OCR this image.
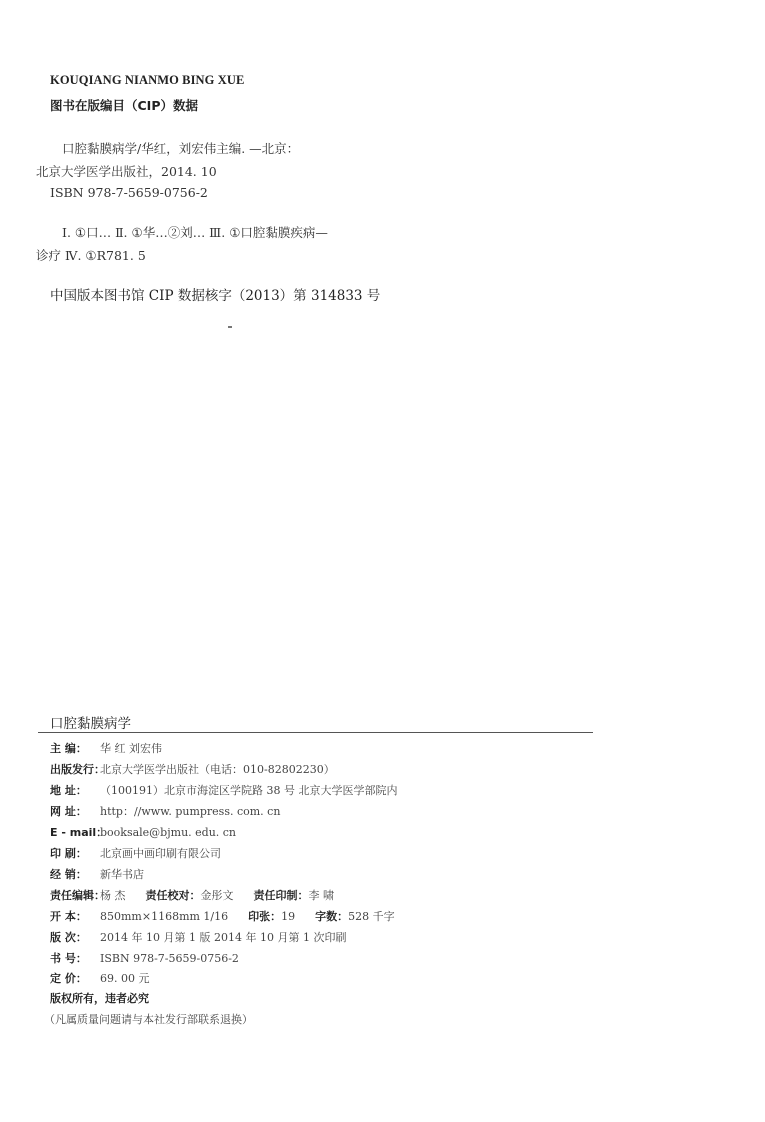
KOUQIANG NIANMO BING XUE
图书在版编目（CIP）数据
口腔黏膜病学/华红，刘宏伟主编. —北京：
北京大学医学出版社，2014. 10
ISBN 978-7-5659-0756-2
Ⅰ. ①口… Ⅱ. ①华…②刘… Ⅲ. ①口腔黏膜疾病—
诊疗 Ⅳ. ①R781. 5
中国版本图书馆 CIP 数据核字（2013）第 314833 号
口腔黏膜病学
主 编： 华 红 刘宏伟
出版发行：北京大学医学出版社（电话：010-82802230）
地 址： （100191）北京市海淀区学院路 38 号 北京大学医学部院内
网 址： http：//www. pumpress. com. cn
E - mail：booksale@bjmu. edu. cn
印 刷： 北京画中画印刷有限公司
经 销： 新华书店
责任编辑：杨 杰 责任校对：金彤文 责任印制：李 啸
开 本： 850mm×1168mm 1/16 印张：19 字数：528 千字
版 次： 2014 年 10 月第 1 版 2014 年 10 月第 1 次印刷
书 号： ISBN 978-7-5659-0756-2
定 价： 69. 00 元
版权所有，违者必究
（凡属质量问题请与本社发行部联系退换）
